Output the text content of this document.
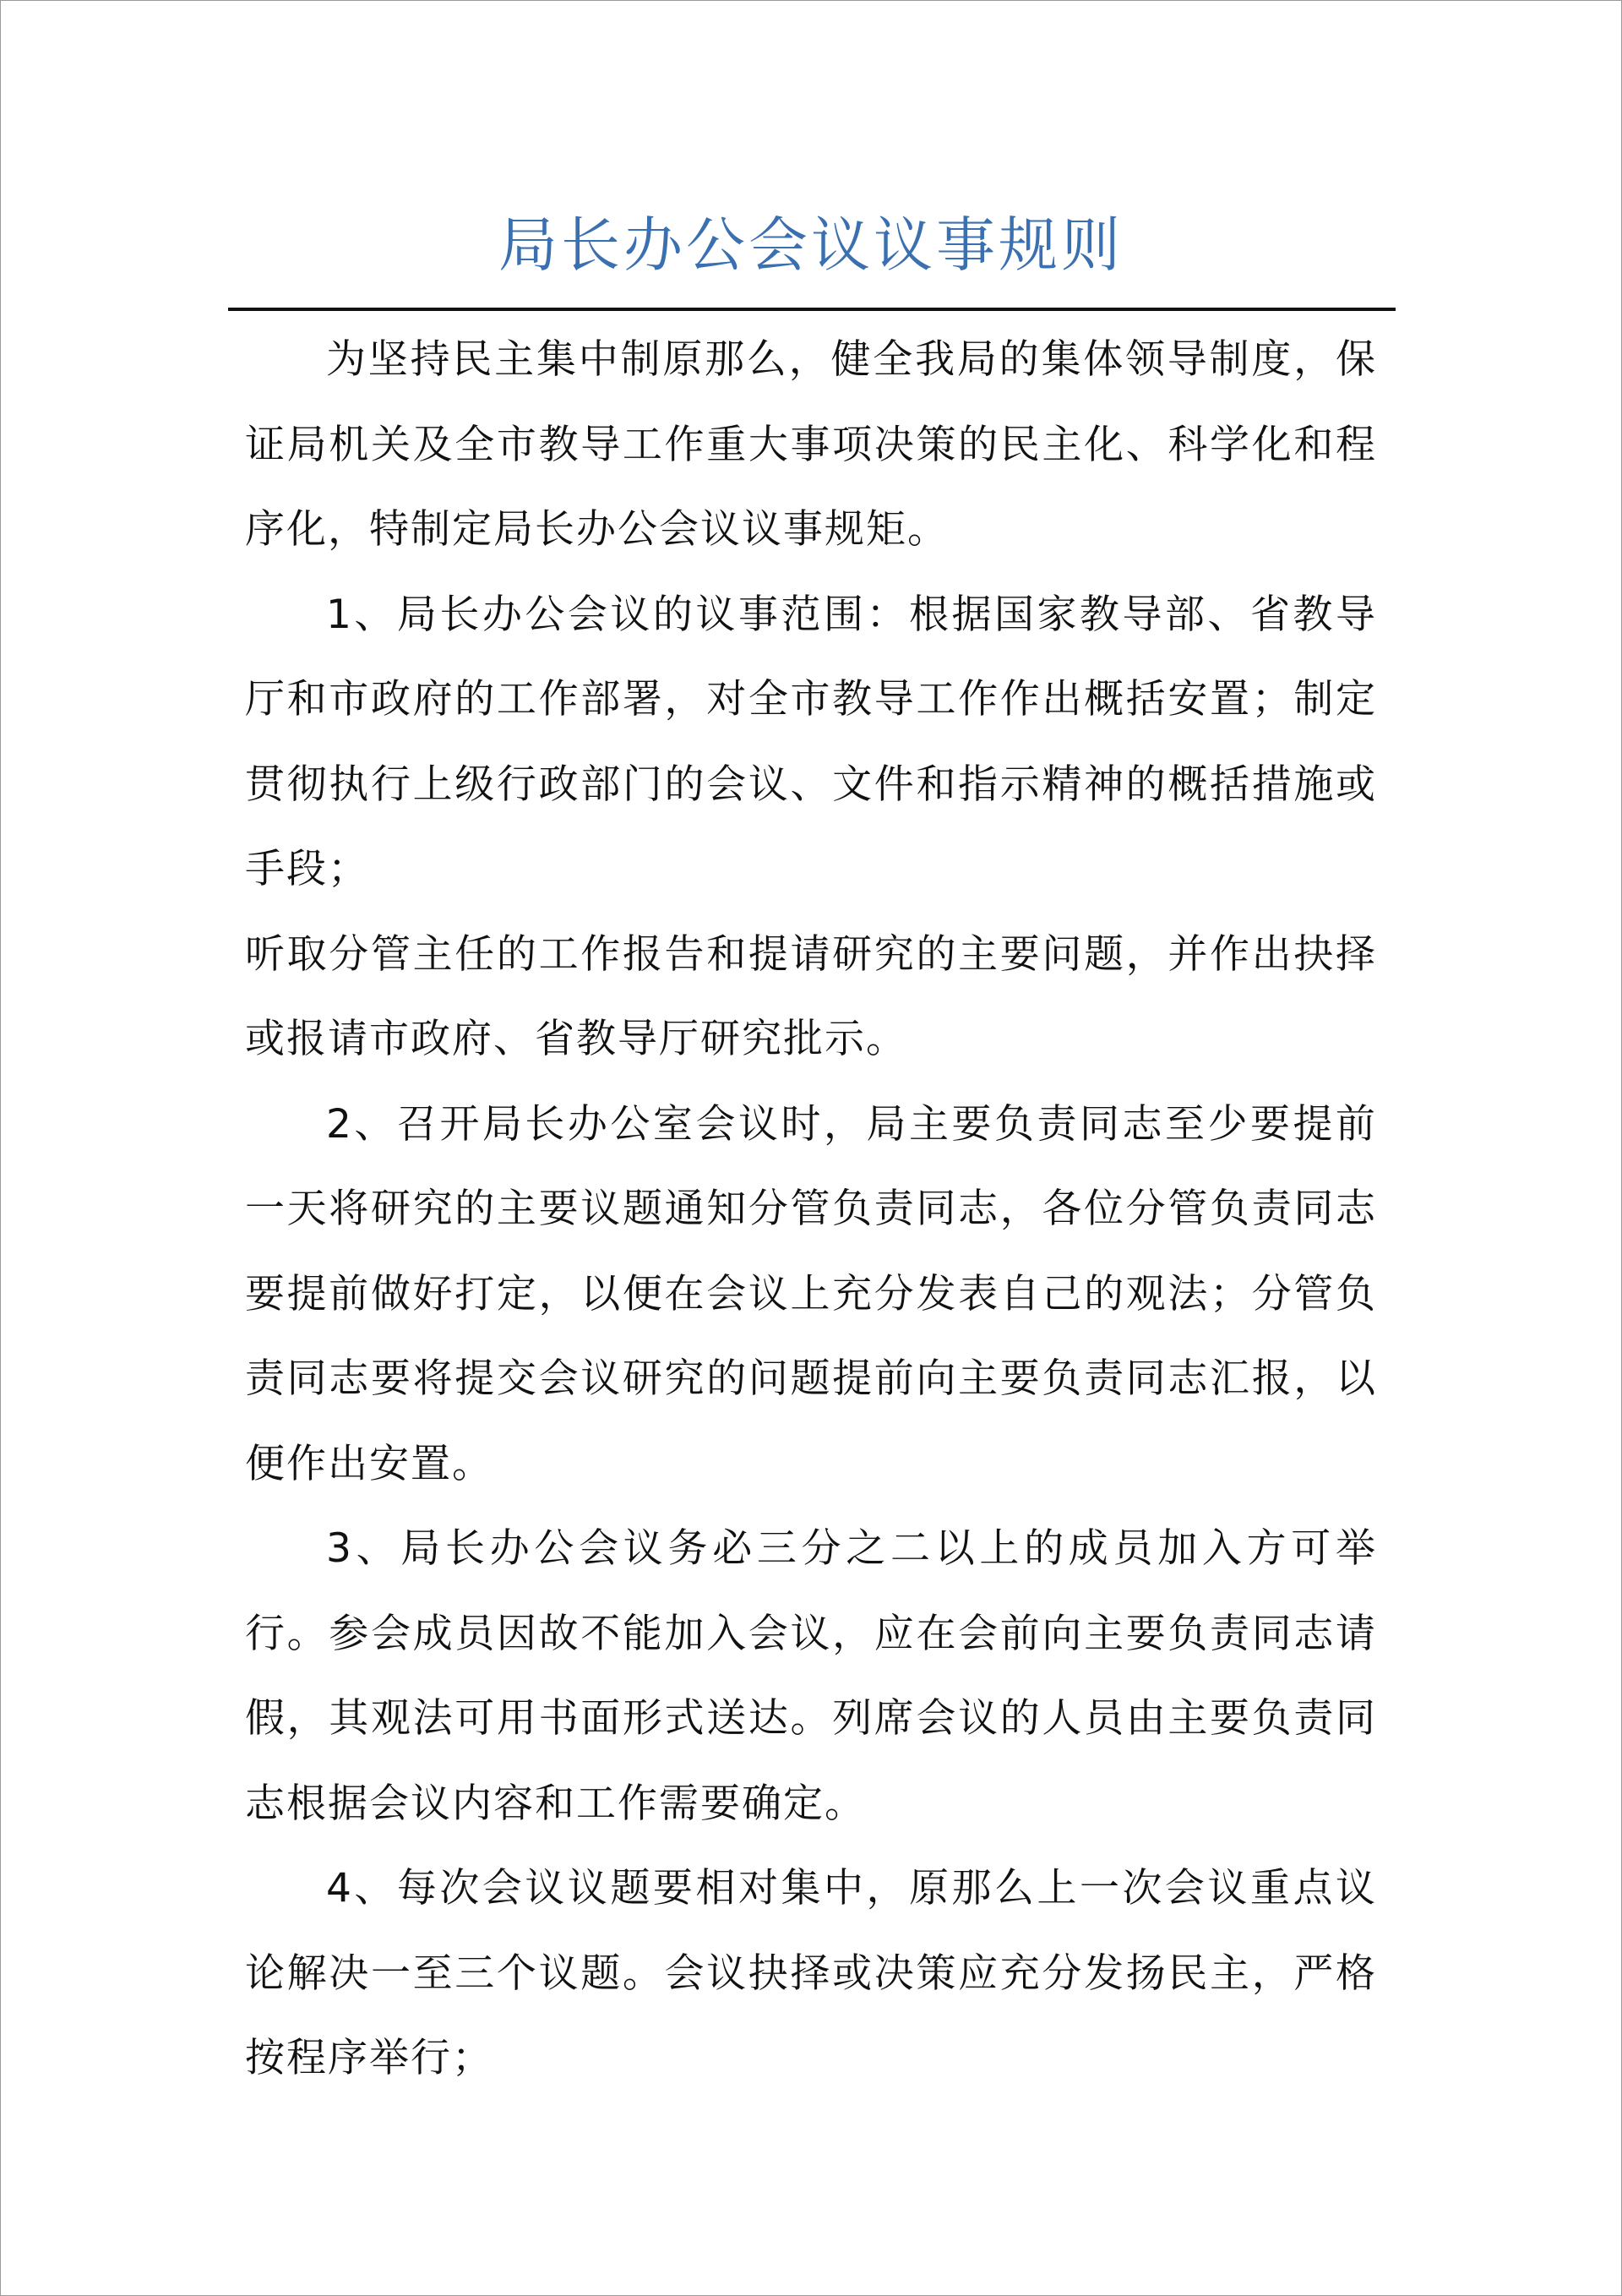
局长办公会议议事规则

为坚持民主集中制原那么，健全我局的集体领导制度，保证局机关及全市教导工作重大事项决策的民主化、科学化和程序化，特制定局长办公会议议事规矩。

1、局长办公会议的议事范围：根据国家教导部、省教导厅和市政府的工作部署，对全市教导工作作出概括安置；制定贯彻执行上级行政部门的会议、文件和指示精神的概括措施或手段；

听取分管主任的工作报告和提请研究的主要问题，并作出抉择或报请市政府、省教导厅研究批示。

2、召开局长办公室会议时，局主要负责同志至少要提前一天将研究的主要议题通知分管负责同志，各位分管负责同志要提前做好打定，以便在会议上充分发表自己的观法；分管负责同志要将提交会议研究的问题提前向主要负责同志汇报，以便作出安置。

3、局长办公会议务必三分之二以上的成员加入方可举行。参会成员因故不能加入会议，应在会前向主要负责同志请假，其观法可用书面形式送达。列席会议的人员由主要负责同志根据会议内容和工作需要确定。

4、每次会议议题要相对集中，原那么上一次会议重点议论解决一至三个议题。会议抉择或决策应充分发扬民主，严格按程序举行；
